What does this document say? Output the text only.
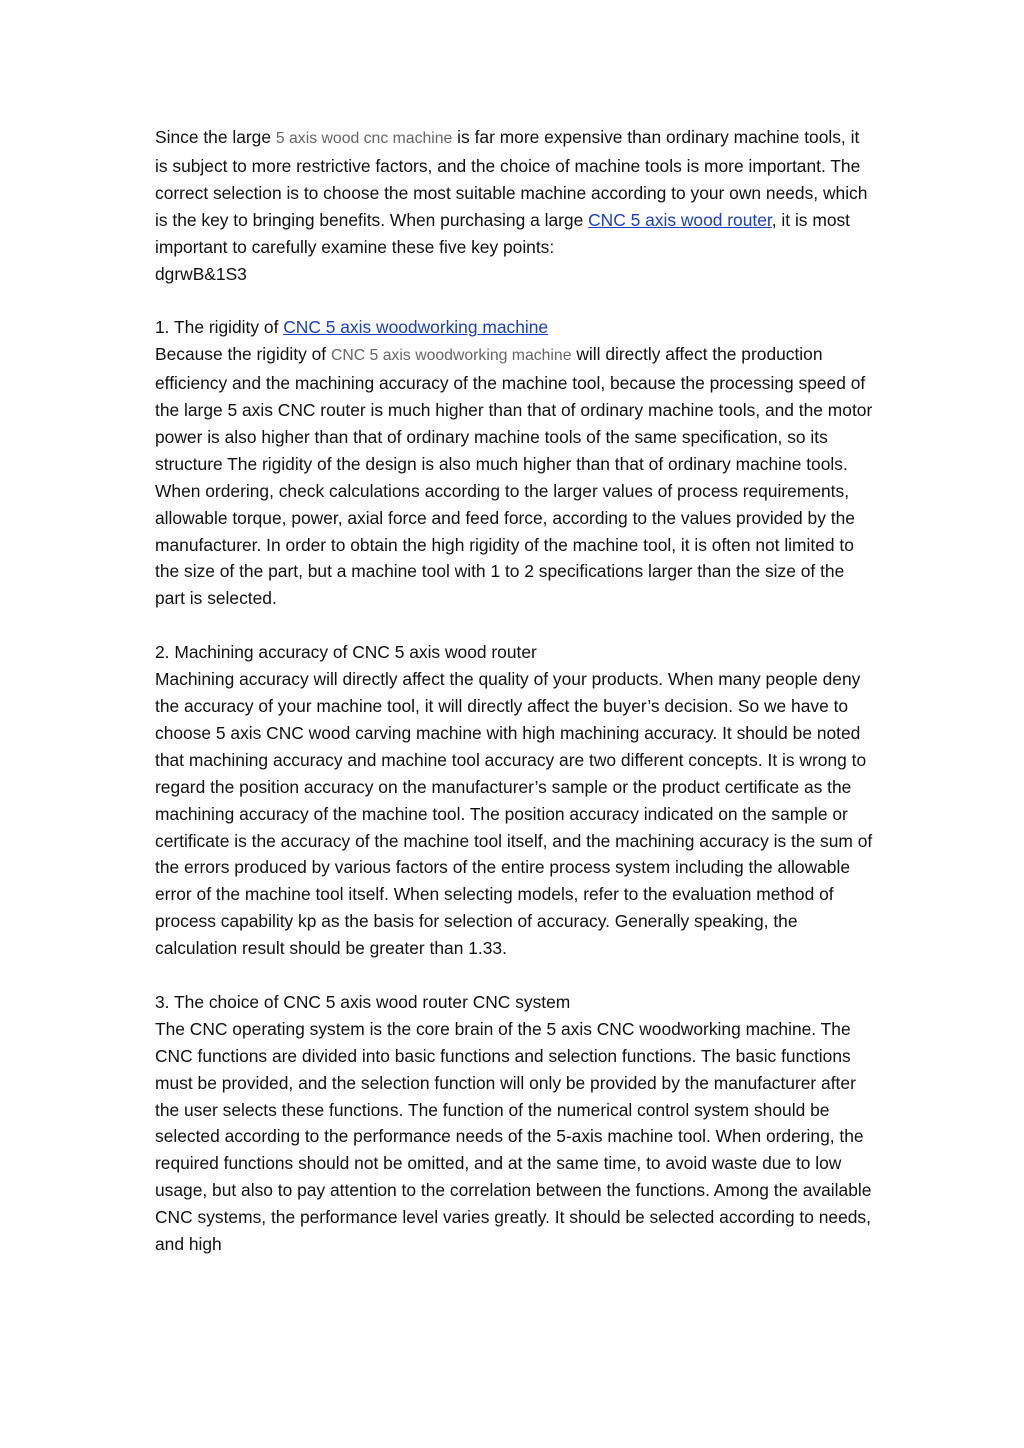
Since the large 5 axis wood cnc machine is far more expensive than ordinary machine tools, it is subject to more restrictive factors, and the choice of machine tools is more important. The correct selection is to choose the most suitable machine according to your own needs, which is the key to bringing benefits. When purchasing a large CNC 5 axis wood router, it is most important to carefully examine these five key points:

dgrwB&1S3

1. The rigidity of CNC 5 axis woodworking machine

Because the rigidity of CNC 5 axis woodworking machine will directly affect the production efficiency and the machining accuracy of the machine tool, because the processing speed of the large 5 axis CNC router is much higher than that of ordinary machine tools, and the motor power is also higher than that of ordinary machine tools of the same specification, so its structure The rigidity of the design is also much higher than that of ordinary machine tools. When ordering, check calculations according to the larger values of process requirements, allowable torque, power, axial force and feed force, according to the values provided by the manufacturer. In order to obtain the high rigidity of the machine tool, it is often not limited to the size of the part, but a machine tool with 1 to 2 specifications larger than the size of the part is selected.

2. Machining accuracy of CNC 5 axis wood router

Machining accuracy will directly affect the quality of your products. When many people deny the accuracy of your machine tool, it will directly affect the buyer’s decision. So we have to choose 5 axis CNC wood carving machine with high machining accuracy. It should be noted that machining accuracy and machine tool accuracy are two different concepts. It is wrong to regard the position accuracy on the manufacturer’s sample or the product certificate as the machining accuracy of the machine tool. The position accuracy indicated on the sample or certificate is the accuracy of the machine tool itself, and the machining accuracy is the sum of the errors produced by various factors of the entire process system including the allowable error of the machine tool itself. When selecting models, refer to the evaluation method of process capability kp as the basis for selection of accuracy. Generally speaking, the calculation result should be greater than 1.33.

3. The choice of CNC 5 axis wood router CNC system

The CNC operating system is the core brain of the 5 axis CNC woodworking machine. The CNC functions are divided into basic functions and selection functions. The basic functions must be provided, and the selection function will only be provided by the manufacturer after the user selects these functions. The function of the numerical control system should be selected according to the performance needs of the 5-axis machine tool. When ordering, the required functions should not be omitted, and at the same time, to avoid waste due to low usage, but also to pay attention to the correlation between the functions. Among the available CNC systems, the performance level varies greatly. It should be selected according to needs, and high
